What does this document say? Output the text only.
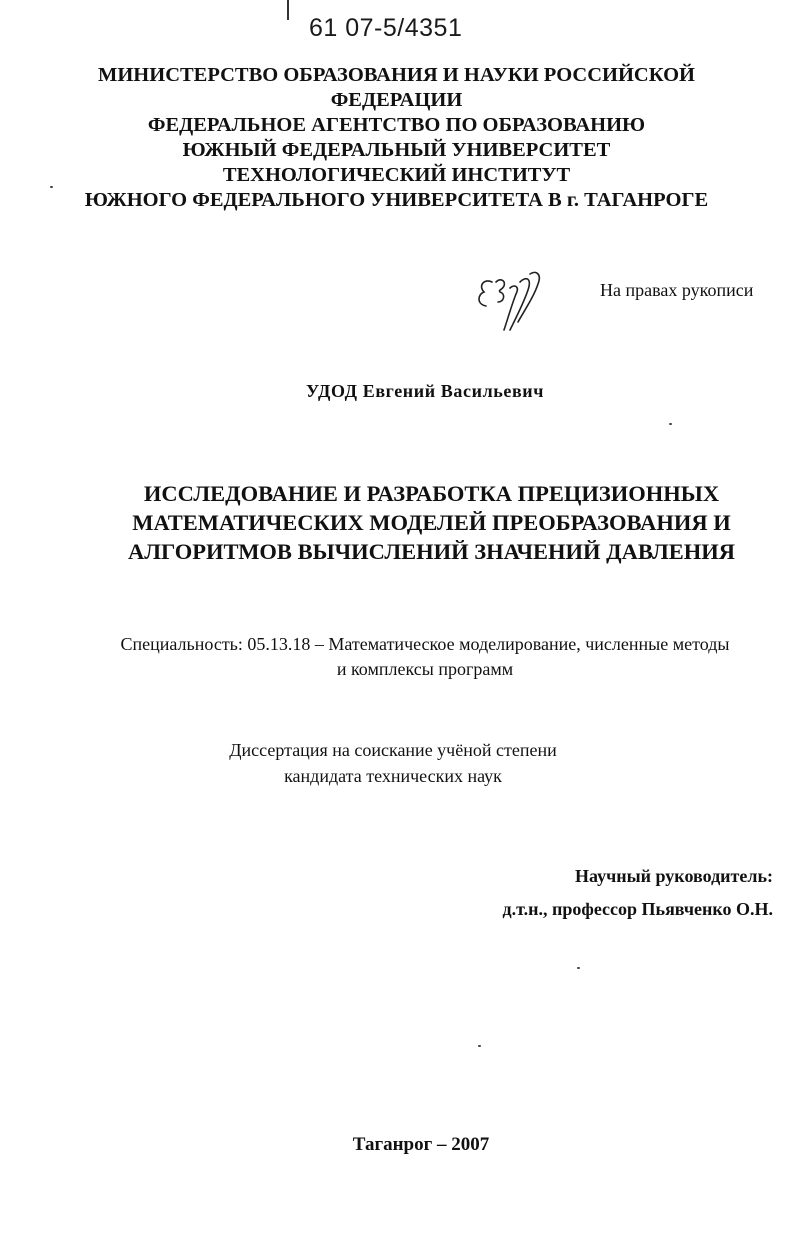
61 07-5/4351
МИНИСТЕРСТВО ОБРАЗОВАНИЯ И НАУКИ РОССИЙСКОЙ
ФЕДЕРАЦИИ
ФЕДЕРАЛЬНОЕ АГЕНТСТВО ПО ОБРАЗОВАНИЮ
ЮЖНЫЙ ФЕДЕРАЛЬНЫЙ УНИВЕРСИТЕТ
ТЕХНОЛОГИЧЕСКИЙ ИНСТИТУТ
ЮЖНОГО ФЕДЕРАЛЬНОГО УНИВЕРСИТЕТА В г. ТАГАНРОГЕ
На правах рукописи
УДОД Евгений Васильевич
ИССЛЕДОВАНИЕ И РАЗРАБОТКА ПРЕЦИЗИОННЫХ
МАТЕМАТИЧЕСКИХ МОДЕЛЕЙ ПРЕОБРАЗОВАНИЯ И
АЛГОРИТМОВ ВЫЧИСЛЕНИЙ ЗНАЧЕНИЙ ДАВЛЕНИЯ
Специальность: 05.13.18 – Математическое моделирование, численные методы
и комплексы программ
Диссертация на соискание учёной степени
кандидата технических наук
Научный руководитель:
д.т.н., профессор Пьявченко О.Н.
Таганрог – 2007
